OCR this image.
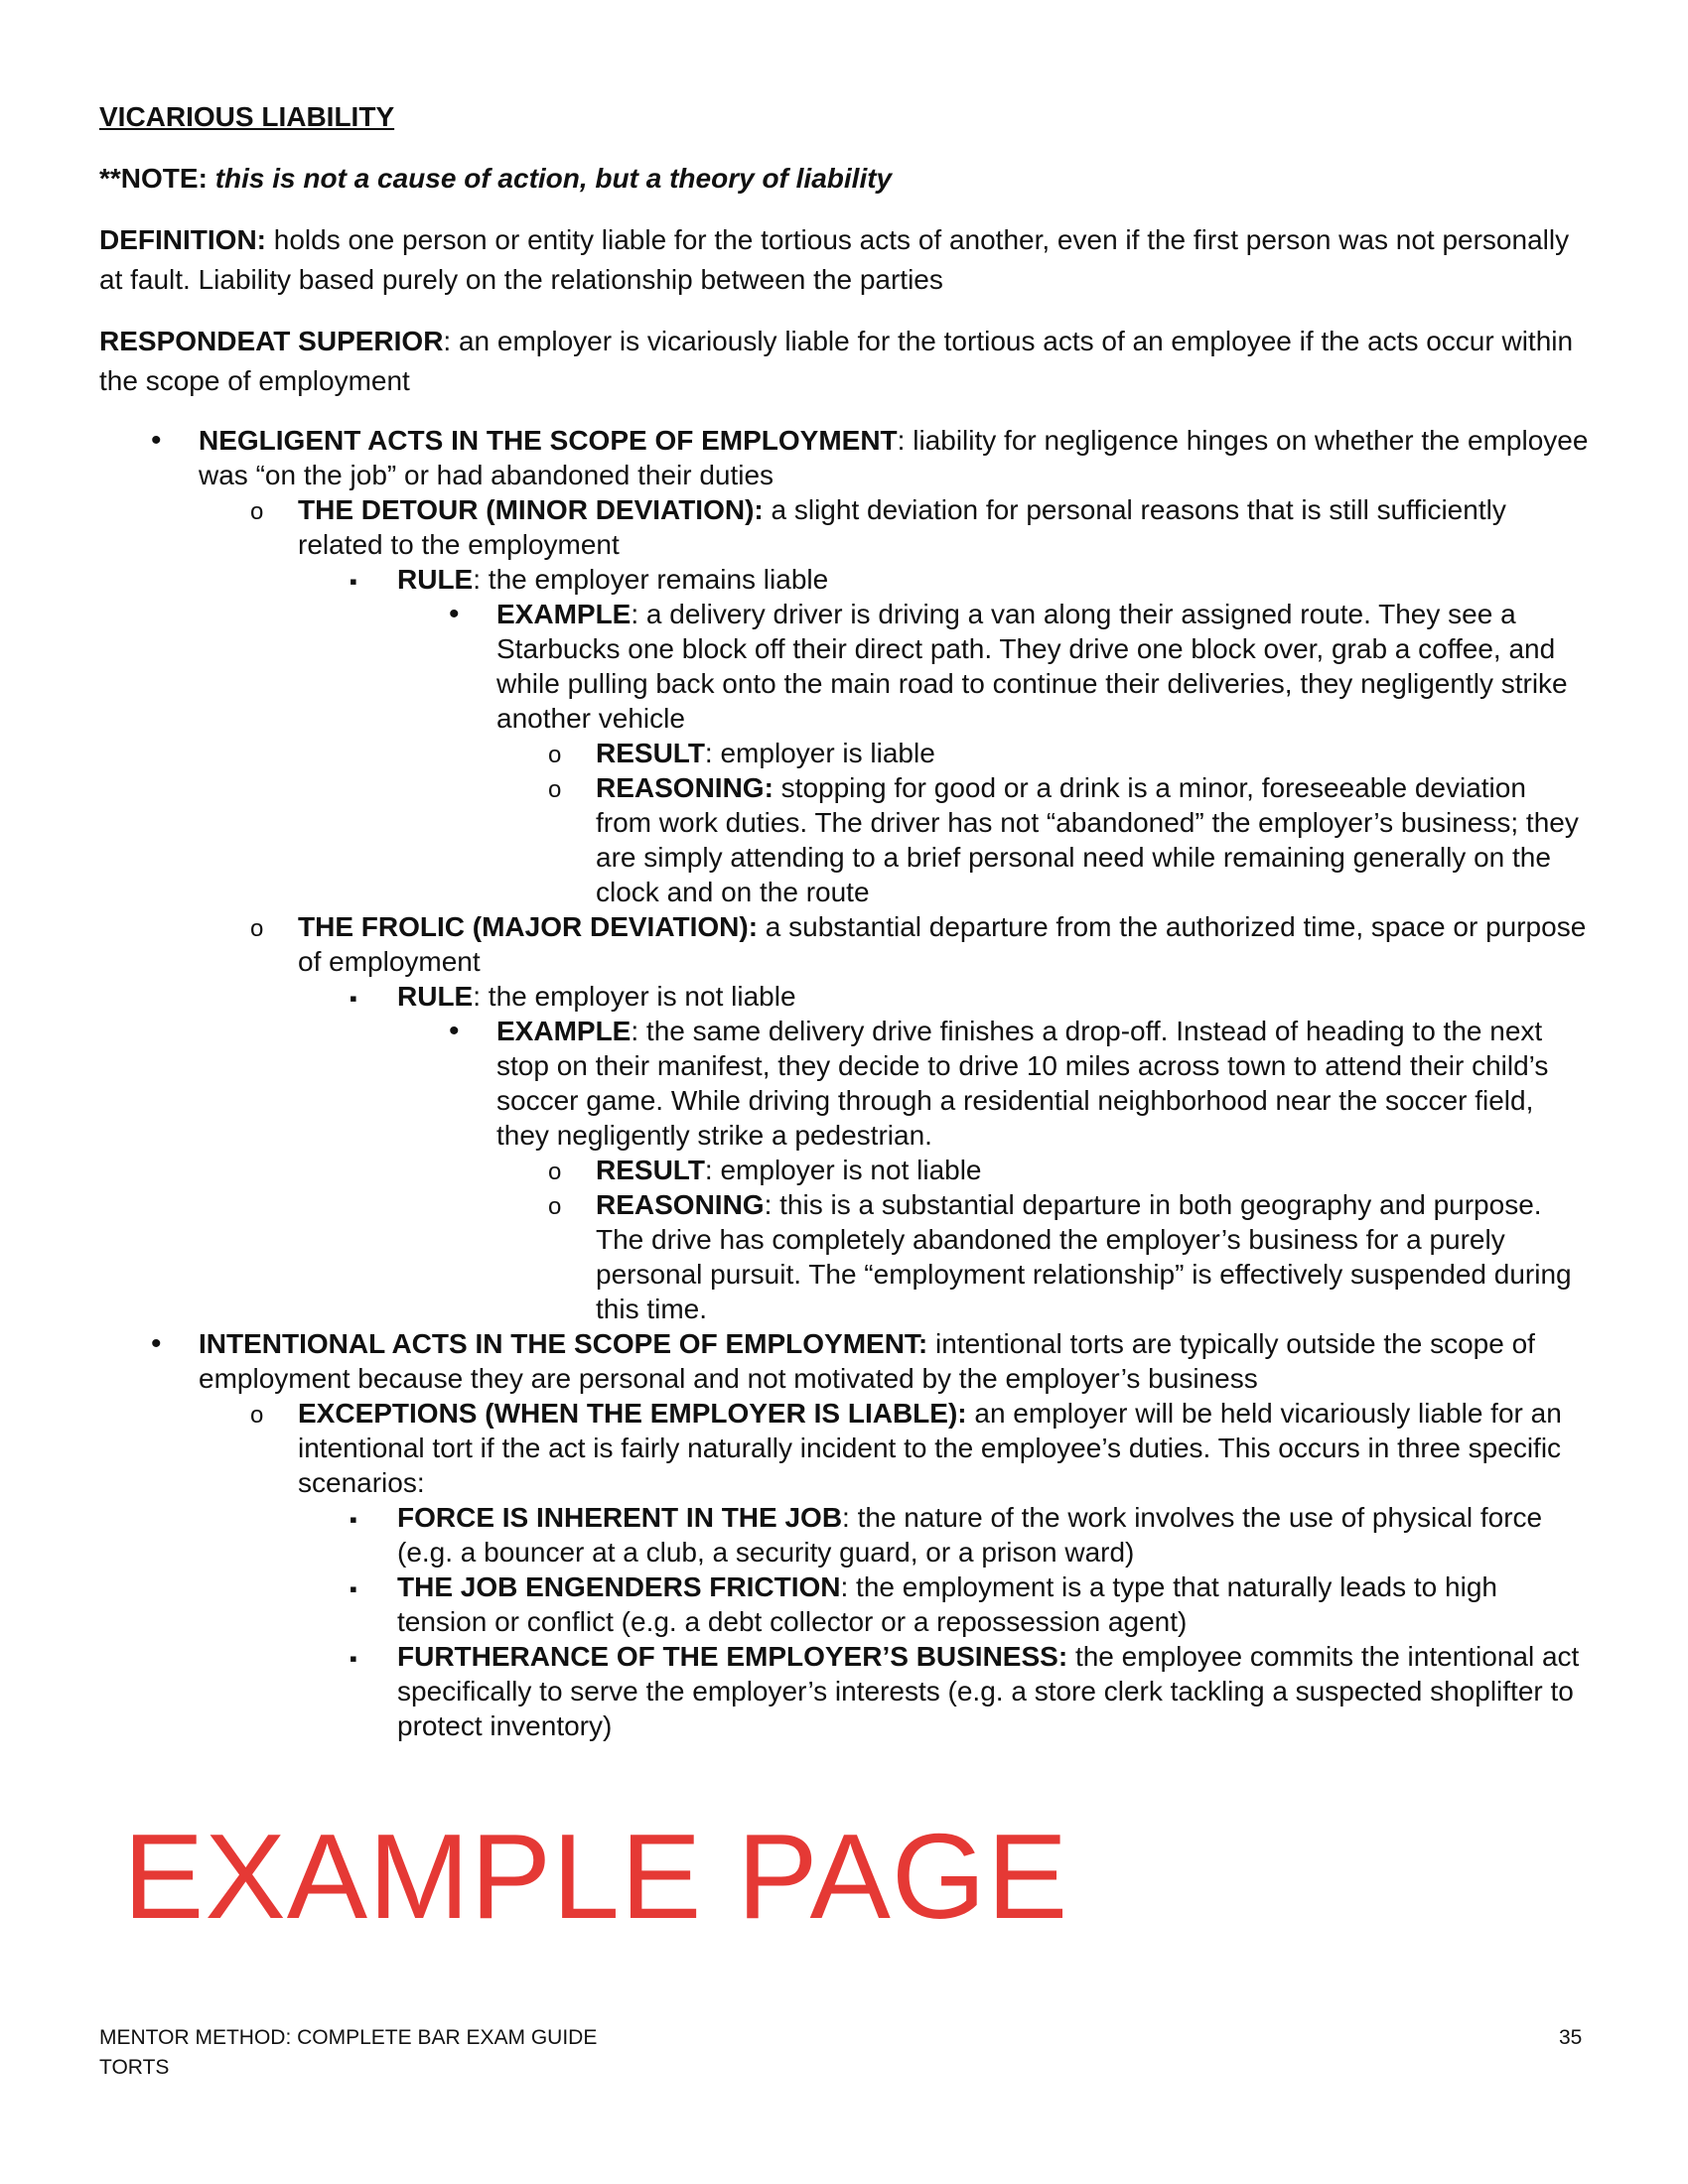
VICARIOUS LIABILITY
**NOTE: this is not a cause of action, but a theory of liability
DEFINITION: holds one person or entity liable for the tortious acts of another, even if the first person was not personally at fault. Liability based purely on the relationship between the parties
RESPONDEAT SUPERIOR: an employer is vicariously liable for the tortious acts of an employee if the acts occur within the scope of employment
•
NEGLIGENT ACTS IN THE SCOPE OF EMPLOYMENT: liability for negligence hinges on whether the employee was “on the job” or had abandoned their duties
o
THE DETOUR (MINOR DEVIATION): a slight deviation for personal reasons that is still sufficiently related to the employment
▪
RULE: the employer remains liable
•
EXAMPLE: a delivery driver is driving a van along their assigned route. They see a Starbucks one block off their direct path. They drive one block over, grab a coffee, and while pulling back onto the main road to continue their deliveries, they negligently strike another vehicle
o
RESULT: employer is liable
o
REASONING: stopping for good or a drink is a minor, foreseeable deviation from work duties. The driver has not “abandoned” the employer’s business; they are simply attending to a brief personal need while remaining generally on the clock and on the route
o
THE FROLIC (MAJOR DEVIATION): a substantial departure from the authorized time, space or purpose of employment
▪
RULE: the employer is not liable
•
EXAMPLE: the same delivery drive finishes a drop-off. Instead of heading to the next stop on their manifest, they decide to drive 10 miles across town to attend their child’s soccer game. While driving through a residential neighborhood near the soccer field, they negligently strike a pedestrian.
o
RESULT: employer is not liable
o
REASONING: this is a substantial departure in both geography and purpose. The drive has completely abandoned the employer’s business for a purely personal pursuit. The “employment relationship” is effectively suspended during this time.
•
INTENTIONAL ACTS IN THE SCOPE OF EMPLOYMENT: intentional torts are typically outside the scope of employment because they are personal and not motivated by the employer’s business
o
EXCEPTIONS (WHEN THE EMPLOYER IS LIABLE): an employer will be held vicariously liable for an intentional tort if the act is fairly naturally incident to the employee’s duties. This occurs in three specific scenarios:
▪
FORCE IS INHERENT IN THE JOB: the nature of the work involves the use of physical force (e.g. a bouncer at a club, a security guard, or a prison ward)
▪
THE JOB ENGENDERS FRICTION: the employment is a type that naturally leads to high tension or conflict (e.g. a debt collector or a repossession agent)
▪
FURTHERANCE OF THE EMPLOYER’S BUSINESS: the employee commits the intentional act specifically to serve the employer’s interests (e.g. a store clerk tackling a suspected shoplifter to protect inventory)
EXAMPLE PAGE
MENTOR METHOD: COMPLETE BAR EXAM GUIDE
TORTS
35
